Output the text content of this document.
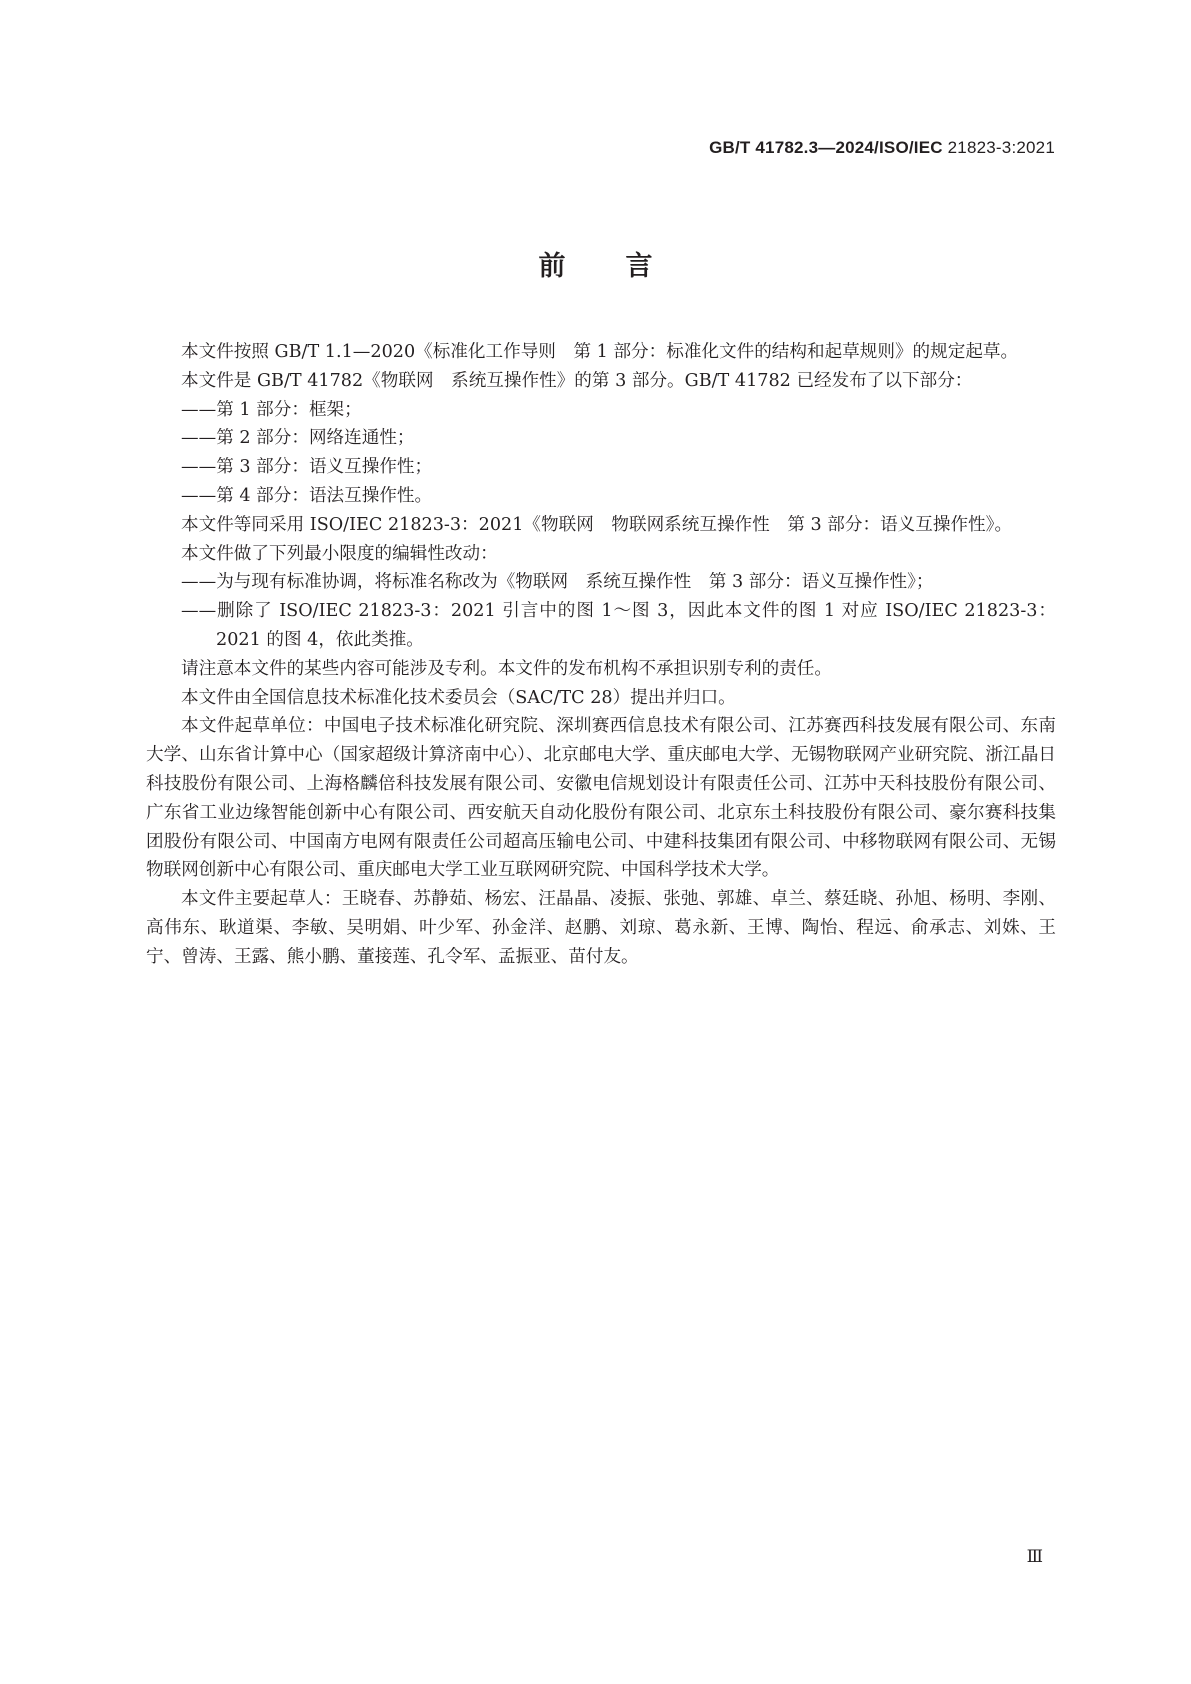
GB/T 41782.3—2024/ISO/IEC 21823-3:2021
前言

本文件按照 GB/T 1.1—2020《标准化工作导则　第 1 部分：标准化文件的结构和起草规则》的规定起草。

本文件是 GB/T 41782《物联网　系统互操作性》的第 3 部分。GB/T 41782 已经发布了以下部分：

——第 1 部分：框架；

——第 2 部分：网络连通性；

——第 3 部分：语义互操作性；

——第 4 部分：语法互操作性。

本文件等同采用 ISO/IEC 21823-3：2021《物联网　物联网系统互操作性　第 3 部分：语义互操作性》。

本文件做了下列最小限度的编辑性改动：

——为与现有标准协调，将标准名称改为《物联网　系统互操作性　第 3 部分：语义互操作性》；

——删除了 ISO/IEC 21823-3：2021 引言中的图 1～图 3，因此本文件的图 1 对应 ISO/IEC 21823-3：2021 的图 4，依此类推。

请注意本文件的某些内容可能涉及专利。本文件的发布机构不承担识别专利的责任。

本文件由全国信息技术标准化技术委员会（SAC/TC 28）提出并归口。

本文件起草单位：中国电子技术标准化研究院、深圳赛西信息技术有限公司、江苏赛西科技发展有限公司、东南大学、山东省计算中心（国家超级计算济南中心）、北京邮电大学、重庆邮电大学、无锡物联网产业研究院、浙江晶日科技股份有限公司、上海格麟倍科技发展有限公司、安徽电信规划设计有限责任公司、江苏中天科技股份有限公司、广东省工业边缘智能创新中心有限公司、西安航天自动化股份有限公司、北京东土科技股份有限公司、豪尔赛科技集团股份有限公司、中国南方电网有限责任公司超高压输电公司、中建科技集团有限公司、中移物联网有限公司、无锡物联网创新中心有限公司、重庆邮电大学工业互联网研究院、中国科学技术大学。

本文件主要起草人：王晓春、苏静茹、杨宏、汪晶晶、凌振、张弛、郭雄、卓兰、蔡廷晓、孙旭、杨明、李刚、高伟东、耿道渠、李敏、吴明娟、叶少军、孙金洋、赵鹏、刘琼、葛永新、王博、陶怡、程远、俞承志、刘姝、王宁、曾涛、王露、熊小鹏、董接莲、孔令军、孟振亚、苗付友。

Ⅲ
